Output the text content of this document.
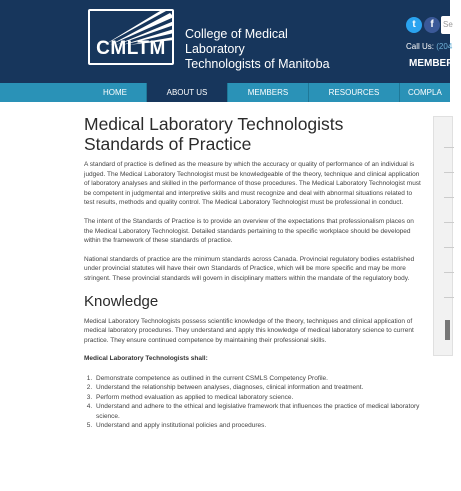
CMLTM
College of Medical Laboratory
Technologists of Manitoba
t	f	Se
Call Us: (204
MEMBER
HOME	ABOUT US	MEMBERS	RESOURCES	COMPLA
Medical Laboratory Technologists
Standards of Practice

A standard of practice is defined as the measure by which the accuracy or quality of performance of an individual is judged. The Medical Laboratory Technologist must be knowledgeable of the theory, technique and clinical application of laboratory analyses and skilled in the performance of those procedures. The Medical Laboratory Technologist must be competent in judgmental and interpretive skills and must recognize and deal with abnormal situations related to test results, methods and quality control. The Medical Laboratory Technologist must be professional in conduct.

The intent of the Standards of Practice is to provide an overview of the expectations that professionalism places on the Medical Laboratory Technologist. Detailed standards pertaining to the specific workplace should be developed within the framework of these standards of practice.

National standards of practice are the minimum standards across Canada. Provincial regulatory bodies established under provincial statutes will have their own Standards of Practice, which will be more specific and may be more stringent. These provincial standards will govern in disciplinary matters within the mandate of the regulatory body.

Knowledge

Medical Laboratory Technologists possess scientific knowledge of the theory, techniques and clinical application of medical laboratory procedures. They understand and apply this knowledge of medical laboratory science to current practice. They ensure continued competence by maintaining their professional skills.

Medical Laboratory Technologists shall:

1. Demonstrate competence as outlined in the current CSMLS Competency Profile.
2. Understand the relationship between analyses, diagnoses, clinical information and treatment.
3. Perform method evaluation as applied to medical laboratory science.
4. Understand and adhere to the ethical and legislative framework that influences the practice of medical laboratory science.
5. Understand and apply institutional policies and procedures.
